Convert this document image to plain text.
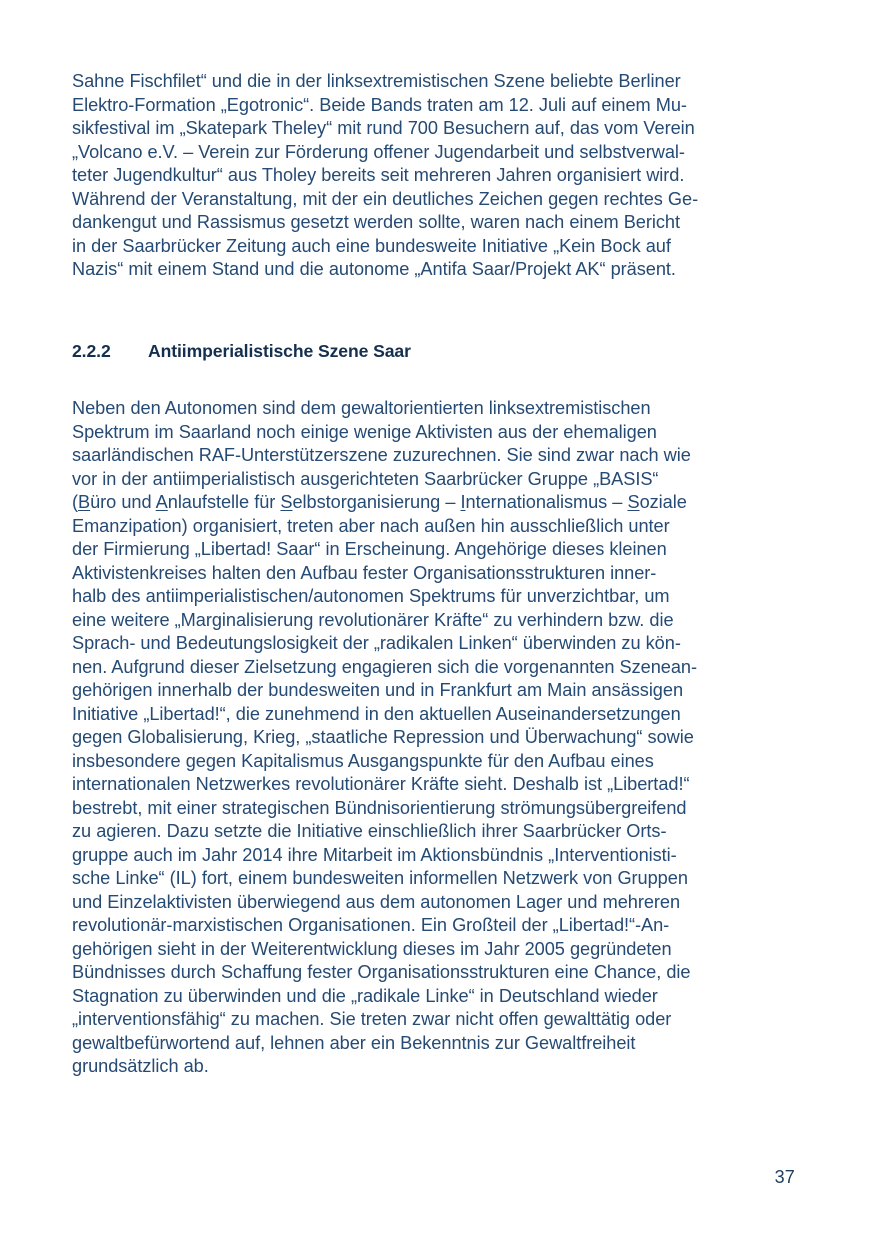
Sahne Fischfilet“ und die in der linksextremistischen Szene beliebte Berliner
Elektro-Formation „Egotronic“. Beide Bands traten am 12. Juli auf einem Mu-
sikfestival im „Skatepark Theley“ mit rund 700 Besuchern auf, das vom Verein
„Volcano e.V. – Verein zur Förderung offener Jugendarbeit und selbstverwal-
teter Jugendkultur“ aus Tholey bereits seit mehreren Jahren organisiert wird.
Während der Veranstaltung, mit der ein deutliches Zeichen gegen rechtes Ge-
dankengut und Rassismus gesetzt werden sollte, waren nach einem Bericht
in der Saarbrücker Zeitung auch eine bundesweite Initiative „Kein Bock auf
Nazis“ mit einem Stand und die autonome „Antifa Saar/Projekt AK“ präsent.

2.2.2	Antiimperialistische Szene Saar

Neben den Autonomen sind dem gewaltorientierten linksextremistischen
Spektrum im Saarland noch einige wenige Aktivisten aus der ehemaligen
saarländischen RAF-Unterstützerszene zuzurechnen. Sie sind zwar nach wie
vor in der antiimperialistisch ausgerichteten Saarbrücker Gruppe „BASIS“
(Büro und Anlaufstelle für Selbstorganisierung – Internationalismus – Soziale
Emanzipation) organisiert, treten aber nach außen hin ausschließlich unter
der Firmierung „Libertad! Saar“ in Erscheinung. Angehörige dieses kleinen
Aktivistenkreises halten den Aufbau fester Organisationsstrukturen inner-
halb des antiimperialistischen/autonomen Spektrums für unverzichtbar, um
eine weitere „Marginalisierung revolutionärer Kräfte“ zu verhindern bzw. die
Sprach- und Bedeutungslosigkeit der „radikalen Linken“ überwinden zu kön-
nen. Aufgrund dieser Zielsetzung engagieren sich die vorgenannten Szenean-
gehörigen innerhalb der bundesweiten und in Frankfurt am Main ansässigen
Initiative „Libertad!“, die zunehmend in den aktuellen Auseinandersetzungen
gegen Globalisierung, Krieg, „staatliche Repression und Überwachung“ sowie
insbesondere gegen Kapitalismus Ausgangspunkte für den Aufbau eines
internationalen Netzwerkes revolutionärer Kräfte sieht. Deshalb ist „Libertad!“
bestrebt, mit einer strategischen Bündnisorientierung strömungsübergreifend
zu agieren. Dazu setzte die Initiative einschließlich ihrer Saarbrücker Orts-
gruppe auch im Jahr 2014 ihre Mitarbeit im Aktionsbündnis „Interventionisti-
sche Linke“ (IL) fort, einem bundesweiten informellen Netzwerk von Gruppen
und Einzelaktivisten überwiegend aus dem autonomen Lager und mehreren
revolutionär-marxistischen Organisationen. Ein Großteil der „Libertad!“-An-
gehörigen sieht in der Weiterentwicklung dieses im Jahr 2005 gegründeten
Bündnisses durch Schaffung fester Organisationsstrukturen eine Chance, die
Stagnation zu überwinden und die „radikale Linke“ in Deutschland wieder
„interventionsfähig“ zu machen. Sie treten zwar nicht offen gewalttätig oder
gewaltbefürwortend auf, lehnen aber ein Bekenntnis zur Gewaltfreiheit
grundsätzlich ab.

37
